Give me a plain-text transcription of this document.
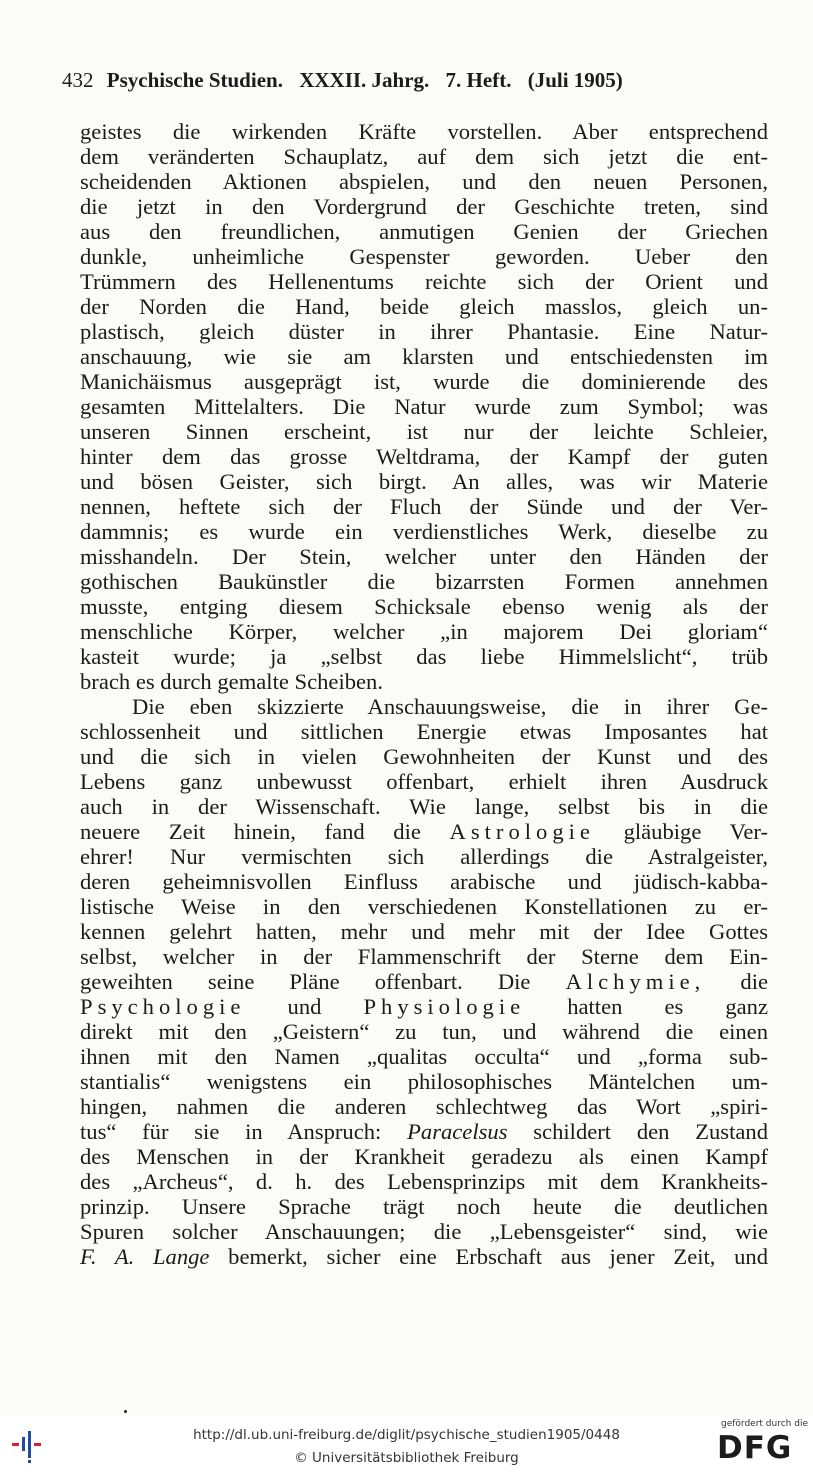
432 Psychische Studien. XXXII. Jahrg. 7. Heft. (Juli 1905)
geistes die wirkenden Kräfte vorstellen. Aber entsprechend
dem veränderten Schauplatz, auf dem sich jetzt die ent-
scheidenden Aktionen abspielen, und den neuen Personen,
die jetzt in den Vordergrund der Geschichte treten, sind
aus den freundlichen, anmutigen Genien der Griechen
dunkle, unheimliche Gespenster geworden. Ueber den
Trümmern des Hellenentums reichte sich der Orient und
der Norden die Hand, beide gleich masslos, gleich un-
plastisch, gleich düster in ihrer Phantasie. Eine Natur-
anschauung, wie sie am klarsten und entschiedensten im
Manichäismus ausgeprägt ist, wurde die dominierende des
gesamten Mittelalters. Die Natur wurde zum Symbol; was
unseren Sinnen erscheint, ist nur der leichte Schleier,
hinter dem das grosse Weltdrama, der Kampf der guten
und bösen Geister, sich birgt. An alles, was wir Materie
nennen, heftete sich der Fluch der Sünde und der Ver-
dammnis; es wurde ein verdienstliches Werk, dieselbe zu
misshandeln. Der Stein, welcher unter den Händen der
gothischen Baukünstler die bizarrsten Formen annehmen
musste, entging diesem Schicksale ebenso wenig als der
menschliche Körper, welcher „in majorem Dei gloriam“
kasteit wurde; ja „selbst das liebe Himmelslicht“, trüb
brach es durch gemalte Scheiben.
Die eben skizzierte Anschauungsweise, die in ihrer Ge-
schlossenheit und sittlichen Energie etwas Imposantes hat
und die sich in vielen Gewohnheiten der Kunst und des
Lebens ganz unbewusst offenbart, erhielt ihren Ausdruck
auch in der Wissenschaft. Wie lange, selbst bis in die
neuere Zeit hinein, fand die Astrologie gläubige Ver-
ehrer! Nur vermischten sich allerdings die Astralgeister,
deren geheimnisvollen Einfluss arabische und jüdisch-kabba-
listische Weise in den verschiedenen Konstellationen zu er-
kennen gelehrt hatten, mehr und mehr mit der Idee Gottes
selbst, welcher in der Flammenschrift der Sterne dem Ein-
geweihten seine Pläne offenbart. Die Alchymie, die
Psychologie und Physiologie hatten es ganz
direkt mit den „Geistern“ zu tun, und während die einen
ihnen mit den Namen „qualitas occulta“ und „forma sub-
stantialis“ wenigstens ein philosophisches Mäntelchen um-
hingen, nahmen die anderen schlechtweg das Wort „spiri-
tus“ für sie in Anspruch: Paracelsus schildert den Zustand
des Menschen in der Krankheit geradezu als einen Kampf
des „Archeus“, d. h. des Lebensprinzips mit dem Krankheits-
prinzip. Unsere Sprache trägt noch heute die deutlichen
Spuren solcher Anschauungen; die „Lebensgeister“ sind, wie
F. A. Lange bemerkt, sicher eine Erbschaft aus jener Zeit, und
http://dl.ub.uni-freiburg.de/diglit/psychische_studien1905/0448
© Universitätsbibliothek Freiburg
gefördert durch die
DFG
